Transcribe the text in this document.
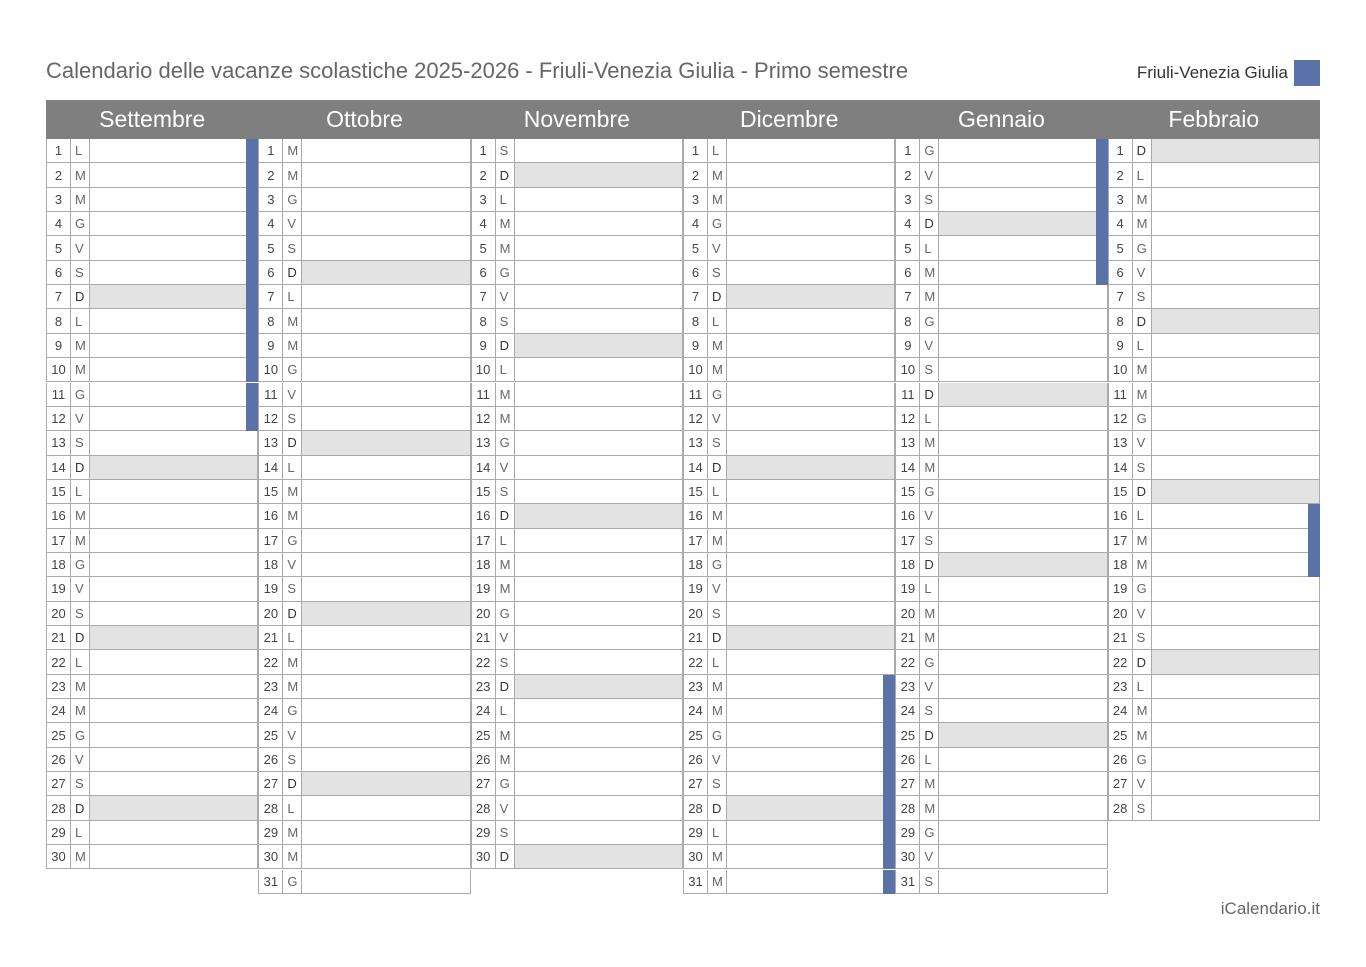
Calendario delle vacanze scolastiche 2025-2026 - Friuli-Venezia Giulia - Primo semestre	Friuli-Venezia Giulia
Settembre
1 L
2 M
3 M
4 G
5 V
6 S
7 D
8 L
9 M
10 M
11 G
12 V
13 S
14 D
15 L
16 M
17 M
18 G
19 V
20 S
21 D
22 L
23 M
24 M
25 G
26 V
27 S
28 D
29 L
30 M
Ottobre
1 M
2 M
3 G
4 V
5 S
6 D
7 L
8 M
9 M
10 G
11 V
12 S
13 D
14 L
15 M
16 M
17 G
18 V
19 S
20 D
21 L
22 M
23 M
24 G
25 V
26 S
27 D
28 L
29 M
30 M
31 G
Novembre
1 S
2 D
3 L
4 M
5 M
6 G
7 V
8 S
9 D
10 L
11 M
12 M
13 G
14 V
15 S
16 D
17 L
18 M
19 M
20 G
21 V
22 S
23 D
24 L
25 M
26 M
27 G
28 V
29 S
30 D
Dicembre
1 L
2 M
3 M
4 G
5 V
6 S
7 D
8 L
9 M
10 M
11 G
12 V
13 S
14 D
15 L
16 M
17 M
18 G
19 V
20 S
21 D
22 L
23 M
24 M
25 G
26 V
27 S
28 D
29 L
30 M
31 M
Gennaio
1 G
2 V
3 S
4 D
5 L
6 M
7 M
8 G
9 V
10 S
11 D
12 L
13 M
14 M
15 G
16 V
17 S
18 D
19 L
20 M
21 M
22 G
23 V
24 S
25 D
26 L
27 M
28 M
29 G
30 V
31 S
Febbraio
1 D
2 L
3 M
4 M
5 G
6 V
7 S
8 D
9 L
10 M
11 M
12 G
13 V
14 S
15 D
16 L
17 M
18 M
19 G
20 V
21 S
22 D
23 L
24 M
25 M
26 G
27 V
28 S
iCalendario.it
